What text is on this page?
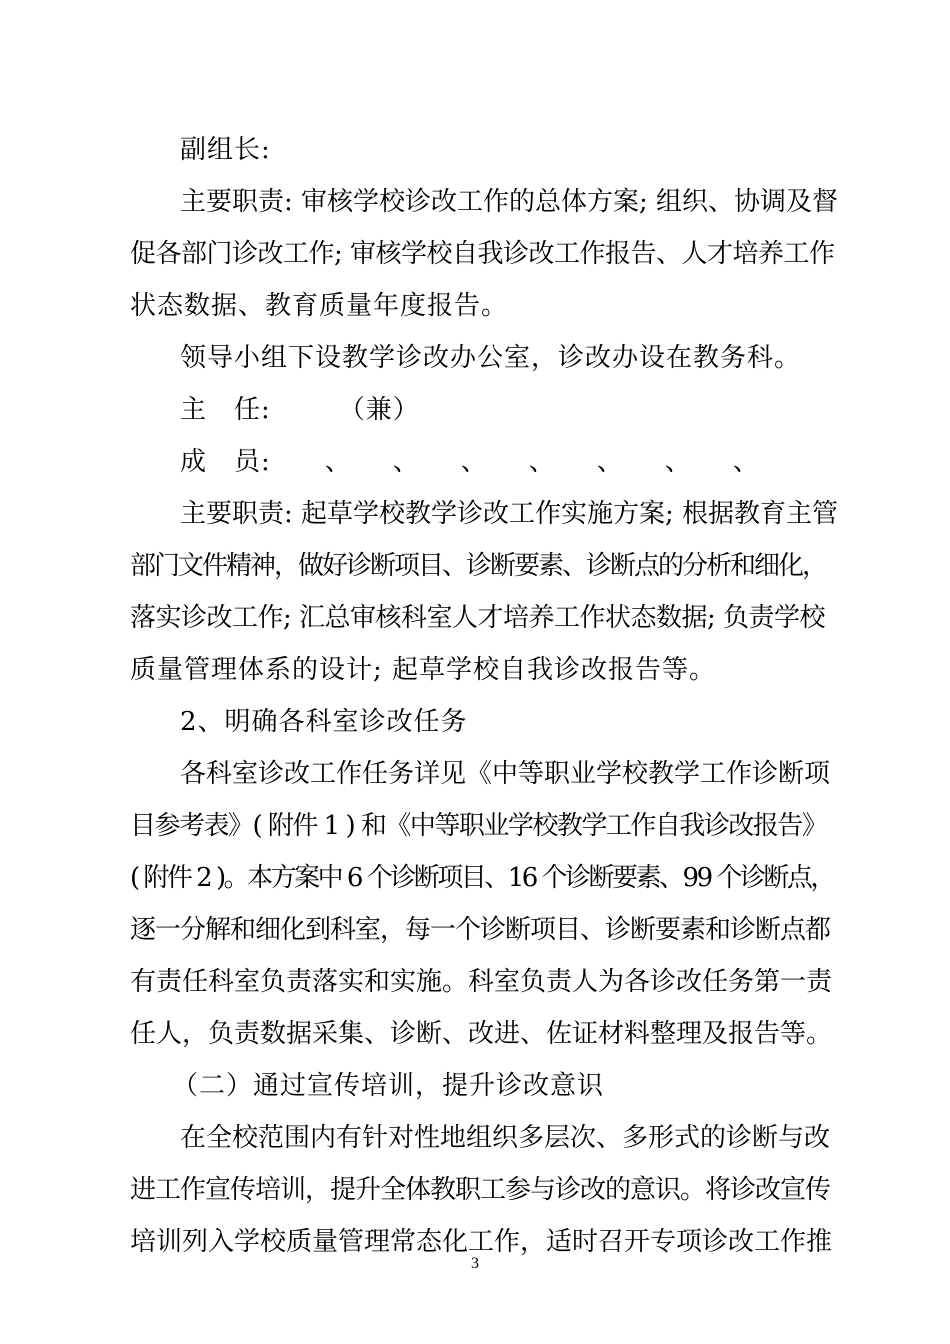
副组长:
主要职责: 审核学校诊改工作的总体方案; 组织、协调及督
促各部门诊改工作; 审核学校自我诊改工作报告、人才培养工作
状态数据、教育质量年度报告。
领导小组下设教学诊改办公室，诊改办设在教务科。
主　任:　　　（兼）
成　员:　　、　　、　　、　　、　　、　　、　　、
主要职责: 起草学校教学诊改工作实施方案; 根据教育主管
部门文件精神，做好诊断项目、诊断要素、诊断点的分析和细化，
落实诊改工作; 汇总审核科室人才培养工作状态数据; 负责学校
质量管理体系的设计; 起草学校自我诊改报告等。
2、明确各科室诊改任务
各科室诊改工作任务详见《中等职业学校教学工作诊断项
目参考表》( 附件 1 ) 和《中等职业学校教学工作自我诊改报告》
( 附件 2 )。本方案中 6 个诊断项目、16 个诊断要素、99 个诊断点，
逐一分解和细化到科室，每一个诊断项目、诊断要素和诊断点都
有责任科室负责落实和实施。科室负责人为各诊改任务第一责
任人，负责数据采集、诊断、改进、佐证材料整理及报告等。
（二）通过宣传培训，提升诊改意识
在全校范围内有针对性地组织多层次、多形式的诊断与改
进工作宣传培训，提升全体教职工参与诊改的意识。将诊改宣传
培训列入学校质量管理常态化工作，适时召开专项诊改工作推
3
